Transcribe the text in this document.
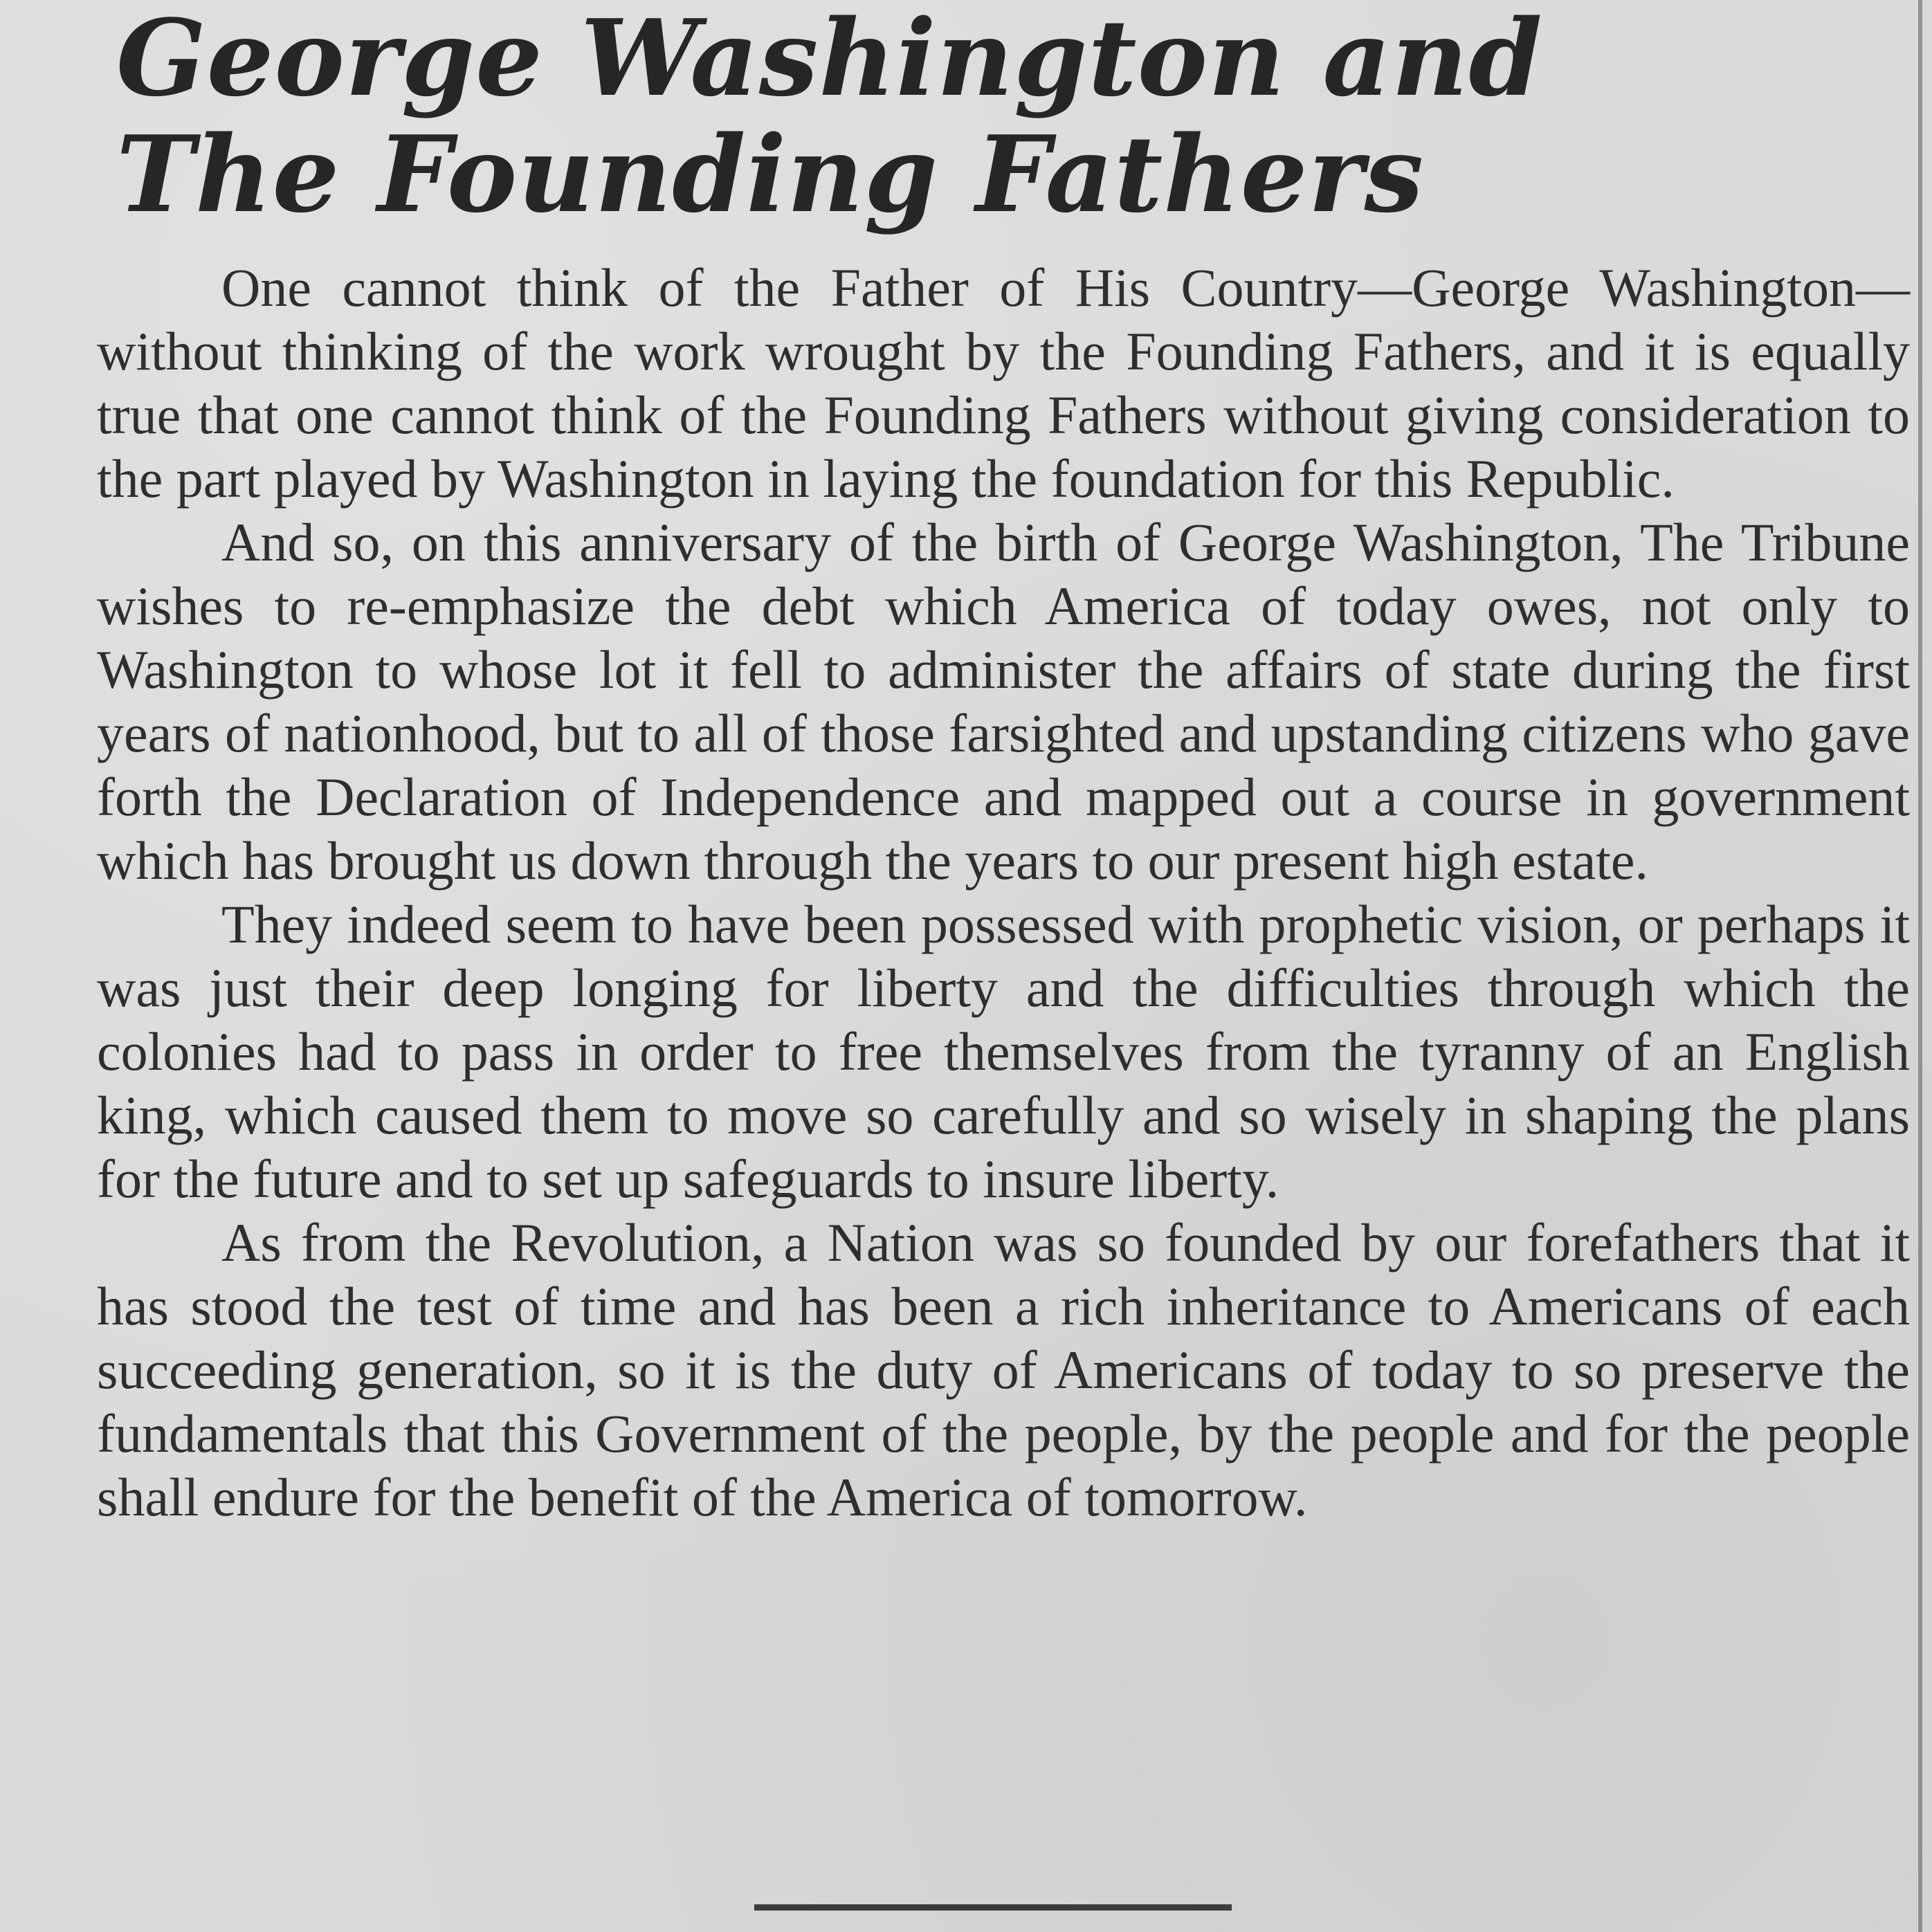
George Washington and
The Founding Fathers

One cannot think of the Father of His Country—George Washington—without thinking of the work wrought by the Founding Fathers, and it is equally true that one cannot think of the Founding Fathers without giving consideration to the part played by Washington in laying the foundation for this Republic.

And so, on this anniversary of the birth of George Washington, The Tribune wishes to re-emphasize the debt which America of today owes, not only to Washington to whose lot it fell to administer the affairs of state during the first years of nationhood, but to all of those farsighted and upstanding citizens who gave forth the Declaration of Independence and mapped out a course in government which has brought us down through the years to our present high estate.

They indeed seem to have been possessed with prophetic vision, or perhaps it was just their deep longing for liberty and the difficulties through which the colonies had to pass in order to free themselves from the tyranny of an English king, which caused them to move so carefully and so wisely in shaping the plans for the future and to set up safeguards to insure liberty.

As from the Revolution, a Nation was so founded by our forefathers that it has stood the test of time and has been a rich inheritance to Americans of each succeeding generation, so it is the duty of Americans of today to so preserve the fundamentals that this Government of the people, by the people and for the people shall endure for the benefit of the America of tomorrow.
